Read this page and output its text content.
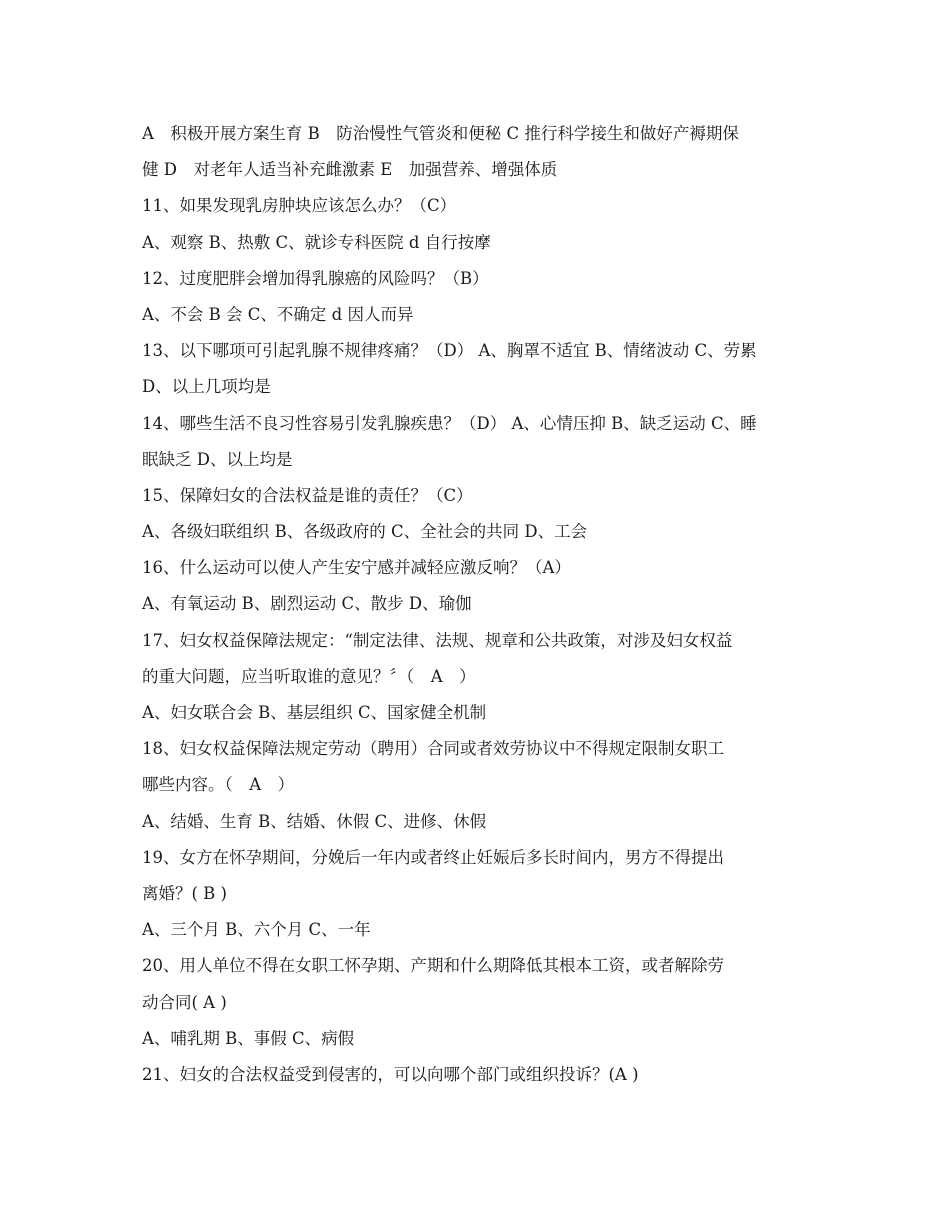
A　积极开展方案生育 B　防治慢性气管炎和便秘 C 推行科学接生和做好产褥期保
健 D　对老年人适当补充雌激素 E　加强营养、增强体质
11、如果发现乳房肿块应该怎么办？（C）
A、观察 B、热敷 C、就诊专科医院 d 自行按摩
12、过度肥胖会增加得乳腺癌的风险吗？（B）
A、不会 B 会 C、不确定 d 因人而异
13、以下哪项可引起乳腺不规律疼痛？（D） A、胸罩不适宜 B、情绪波动 C、劳累
D、以上几项均是
14、哪些生活不良习性容易引发乳腺疾患？（D） A、心情压抑 B、缺乏运动 C、睡
眠缺乏 D、以上均是
15、保障妇女的合法权益是谁的责任？（C）
A、各级妇联组织 B、各级政府的 C、全社会的共同 D、工会
16、什么运动可以使人产生安宁感并减轻应激反响？（A）
A、有氧运动 B、剧烈运动 C、散步 D、瑜伽
17、妇女权益保障法规定：“制定法律、法规、规章和公共政策，对涉及妇女权益
的重大问题，应当听取谁的意见？〞（　A　）
A、妇女联合会 B、基层组织 C、国家健全机制
18、妇女权益保障法规定劳动（聘用）合同或者效劳协议中不得规定限制女职工
哪些内容。（　A　）
A、结婚、生育 B、结婚、休假 C、进修、休假
19、女方在怀孕期间，分娩后一年内或者终止妊娠后多长时间内，男方不得提出
离婚？( B )
A、三个月 B、六个月 C、一年
20、用人单位不得在女职工怀孕期、产期和什么期降低其根本工资，或者解除劳
动合同( A )
A、哺乳期 B、事假 C、病假
21、妇女的合法权益受到侵害的，可以向哪个部门或组织投诉？(A )
